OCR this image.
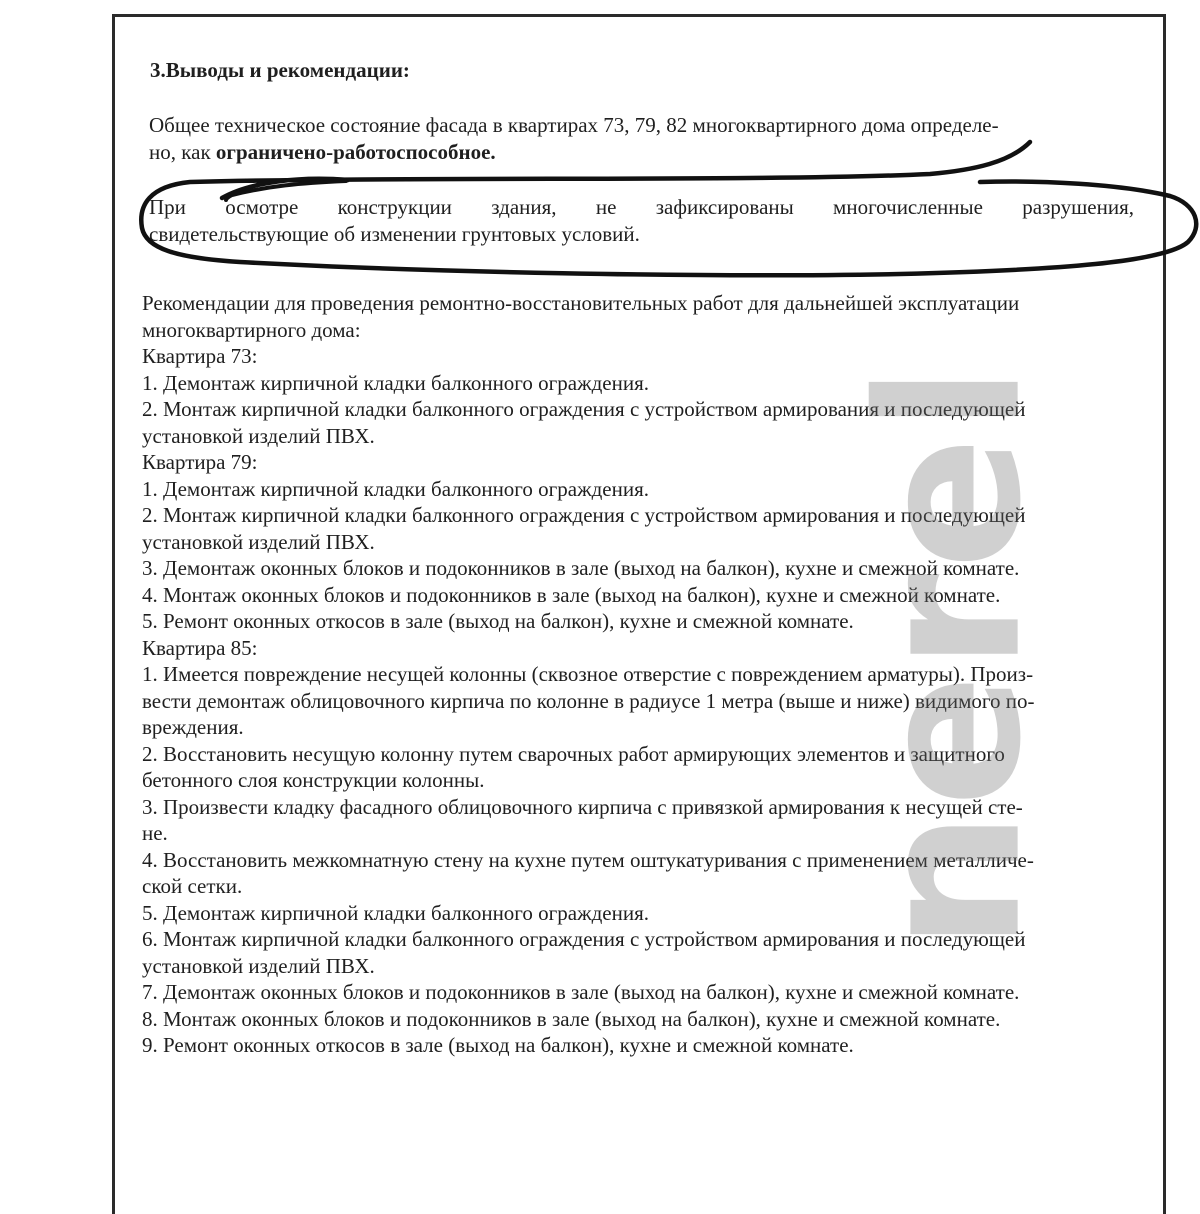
3.Выводы и рекомендации:
Общее техническое состояние фасада в квартирах 73, 79, 82 многоквартирного дома определе-
но, как ограничено-работоспособное.
При осмотре конструкции здания, не зафиксированы многочисленные разрушения,
свидетельствующие об изменении грунтовых условий.
Рекомендации для проведения ремонтно-восстановительных работ для дальнейшей эксплуатации
многоквартирного дома:
Квартира 73:
1. Демонтаж кирпичной кладки балконного ограждения.
2. Монтаж кирпичной кладки балконного ограждения с устройством армирования и последующей
установкой изделий ПВХ.
Квартира 79:
1. Демонтаж кирпичной кладки балконного ограждения.
2. Монтаж кирпичной кладки балконного ограждения с устройством армирования и последующей
установкой изделий ПВХ.
3. Демонтаж оконных блоков и подоконников в зале (выход на балкон), кухне и смежной комнате.
4. Монтаж оконных блоков и подоконников в зале (выход на балкон), кухне и смежной комнате.
5. Ремонт оконных откосов в зале (выход на балкон), кухне и смежной комнате.
Квартира 85:
1. Имеется повреждение несущей колонны (сквозное отверстие с повреждением арматуры). Произ-
вести демонтаж облицовочного кирпича по колонне в радиусе 1 метра (выше и ниже) видимого по-
вреждения.
2. Восстановить несущую колонну путем сварочных работ армирующих элементов и защитного
бетонного слоя конструкции колонны.
3. Произвести кладку фасадного облицовочного кирпича с привязкой армирования к несущей сте-
не.
4. Восстановить межкомнатную стену на кухне путем оштукатуривания с применением металличе-
ской сетки.
5. Демонтаж кирпичной кладки балконного ограждения.
6. Монтаж кирпичной кладки балконного ограждения с устройством армирования и последующей
установкой изделий ПВХ.
7. Демонтаж оконных блоков и подоконников в зале (выход на балкон), кухне и смежной комнате.
8. Монтаж оконных блоков и подоконников в зале (выход на балкон), кухне и смежной комнате.
9. Ремонт оконных откосов в зале (выход на балкон), кухне и смежной комнате.
nerel
